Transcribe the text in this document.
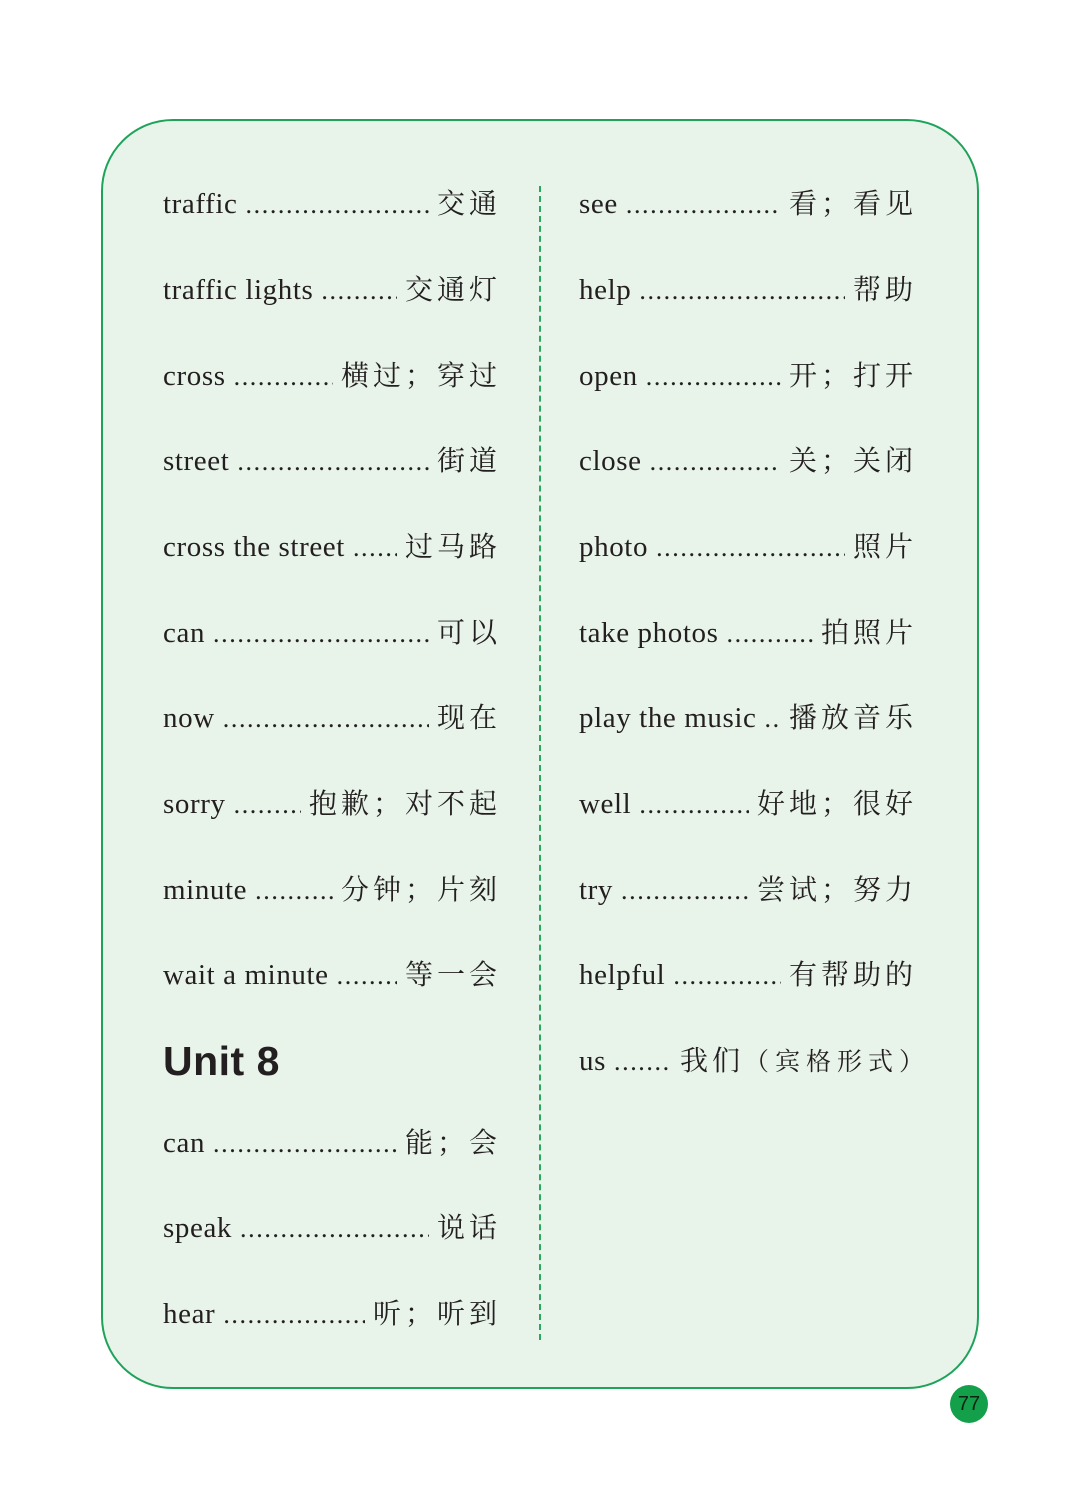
traffic .....	交通
traffic lights .....	交通灯
cross .....	横过；穿过
street .....	街道
cross the street ..... 过马路
can .....	可以
now .....	现在
sorry .....	抱歉；对不起
minute .....	分钟；片刻
wait a minute .....	等一会
Unit 8
can .....	能；会
speak .....	说话
hear .....	听；听到
see .....	看；看见
help .....	帮助
open .....	开；打开
close .....	关；关闭
photo .....	照片
take photos .....	拍照片
play the music ..... 播放音乐
well .....	好地；很好
try .....	尝试；努力
helpful .....	有帮助的
us .....	我们 （宾格形式）
77
